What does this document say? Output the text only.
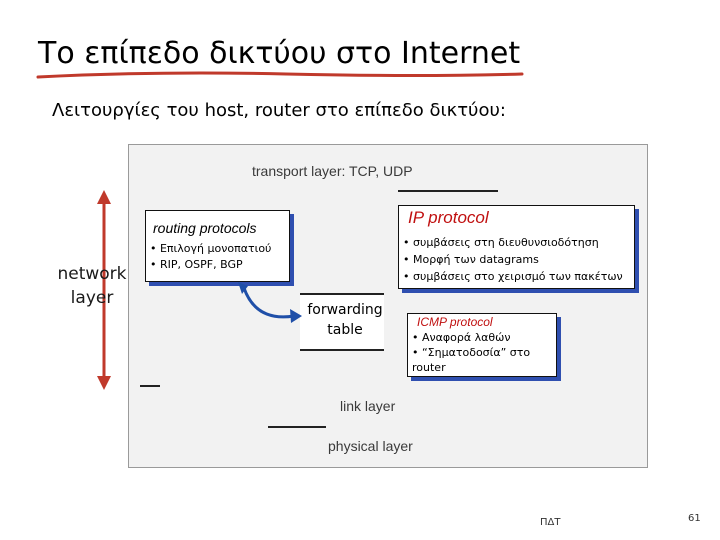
Το επίπεδο δικτύου στο Internet
Λειτουργίες του host, router στο επίπεδο δικτύου:
transport layer: TCP, UDP
network
layer
routing protocols
• Επιλογή μονοπατιού
• RIP, OSPF, BGP
IP protocol
• συμβάσεις στη διευθυνσιοδότηση
• Μορφή των datagrams
• συμβάσεις στο χειρισμό των πακέτων
forwarding
table	ICMP protocol
• Αναφορά λαθών
• “Σηματοδοσία” στο
router
link layer
physical layer
ΠΔΤ	61
